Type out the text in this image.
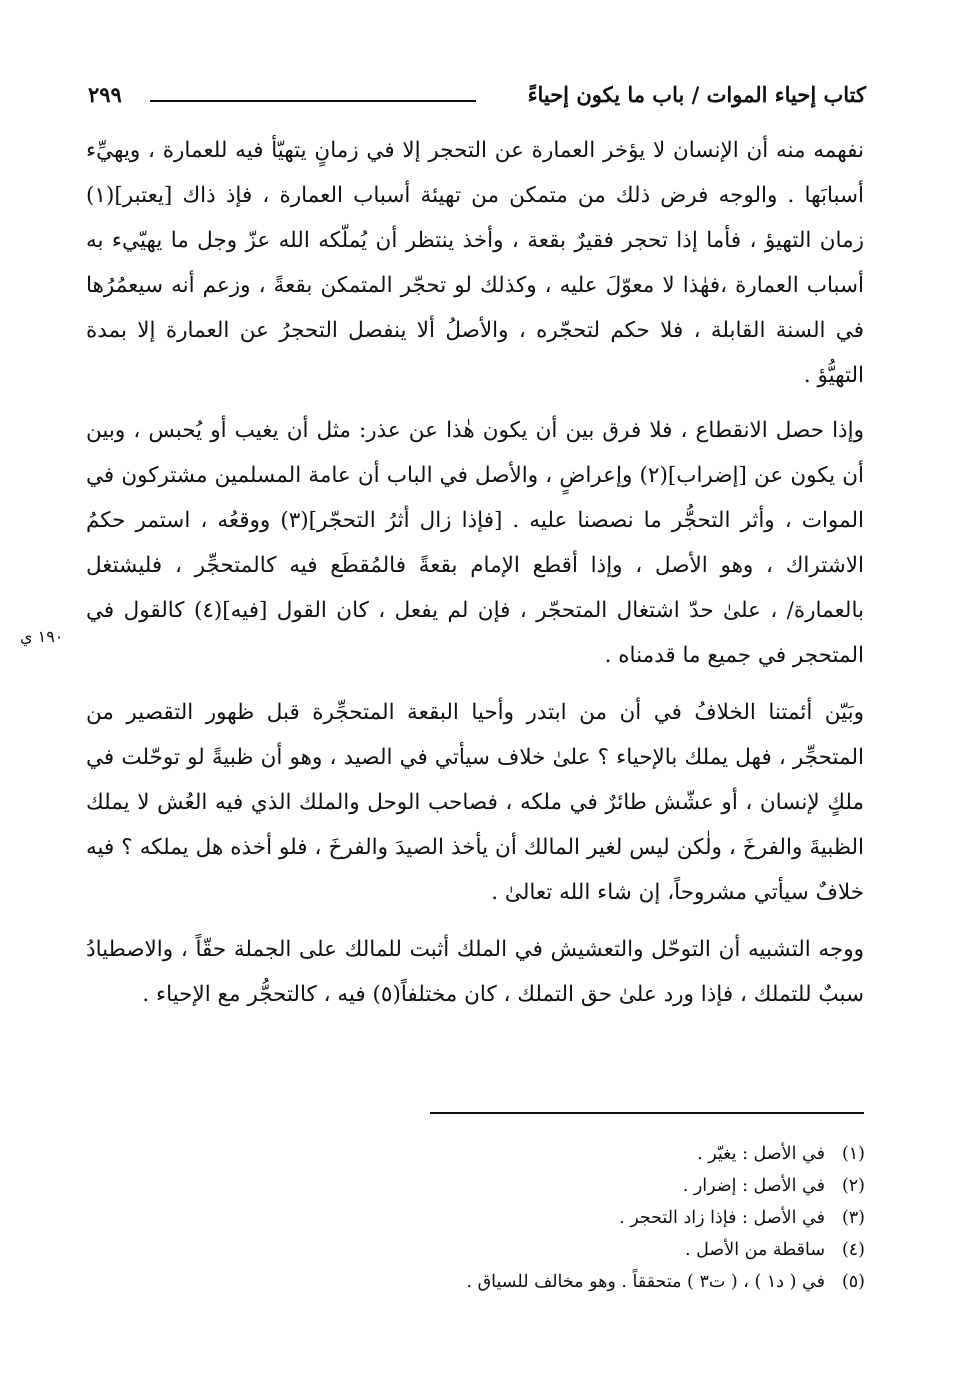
كتاب إحياء الموات / باب ما يكون إحياءً
٢٩٩

نفهمه منه أن الإنسان لا يؤخر العمارة عن التحجر إلا في زمانٍ يتهيّأ فيه للعمارة ، ويهيِّء أسبابَها . والوجه فرض ذلك من متمكن من تهيئة أسباب العمارة ، فإذ ذاك [يعتبر](١) زمان التهيؤ ، فأما إذا تحجر فقيرٌ بقعة ، وأخذ ينتظر أن يُملّكه الله عزّ وجل ما يهيّيء به أسباب العمارة ،فهٰذا لا معوّلَ عليه ، وكذلك لو تحجّر المتمكن بقعةً ، وزعم أنه سيعمُرُها في السنة القابلة ، فلا حكم لتحجّره ، والأصلُ ألا ينفصل التحجرُ عن العمارة إلا بمدة التهيُّؤ .

وإذا حصل الانقطاع ، فلا فرق بين أن يكون هٰذا عن عذر: مثل أن يغيب أو يُحبس ، وبين أن يكون عن [إضراب](٢) وإعراضٍ ، والأصل في الباب أن عامة المسلمين مشتركون في الموات ، وأثر التحجُّر ما نصصنا عليه . [فإذا زال أثرُ التحجّر](٣) ووقعُه ، استمر حكمُ الاشتراك ، وهو الأصل ، وإذا أقطع الإمام بقعةً فالمُقطَع فيه كالمتحجِّر ، فليشتغل بالعمارة/ ، علىٰ حدّ اشتغال المتحجّر ، فإن لم يفعل ، كان القول [فيه](٤) كالقول في المتحجر في جميع ما قدمناه .

وبَيّن أئمتنا الخلافُ في أن من ابتدر وأحيا البقعة المتحجِّرة قبل ظهور التقصير من المتحجِّر ، فهل يملك بالإحياء ؟ علىٰ خلاف سيأتي في الصيد ، وهو أن ظبيةً لو توحّلت في ملكٍ لإنسان ، أو عشّش طائرٌ في ملكه ، فصاحب الوحل والملك الذي فيه العُش لا يملك الظبيةَ والفرخَ ، ولٰكن ليس لغير المالك أن يأخذ الصيدَ والفرخَ ، فلو أخذه هل يملكه ؟ فيه خلافٌ سيأتي مشروحاً، إن شاء الله تعالىٰ .

ووجه التشبيه أن التوحّل والتعشيش في الملك أثبت للمالك على الجملة حقّاً ، والاصطيادُ سببٌ للتملك ، فإذا ورد علىٰ حق التملك ، كان مختلفاً(٥) فيه ، كالتحجُّر مع الإحياء .

١٩٠ ي
(١)
في الأصل : يغيّر .
(٢)
في الأصل : إضرار .
(٣)
في الأصل : فإذا زاد التحجر .
(٤)
ساقطة من الأصل .
(٥)
في ( د١ ) ، ( ت٣ ) متحققاً . وهو مخالف للسياق .
